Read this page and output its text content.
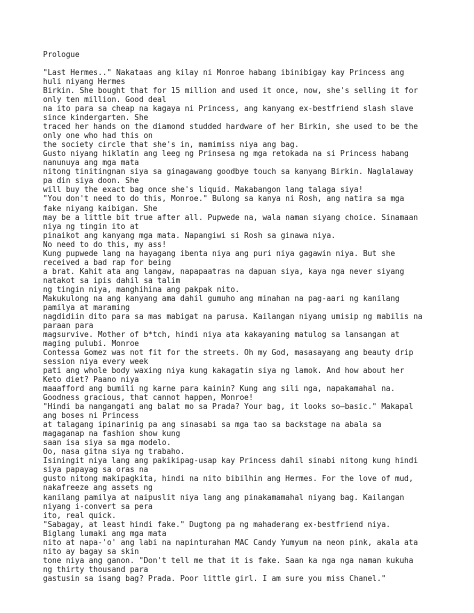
Prologue
"Last Hermes.." Nakataas ang kilay ni Monroe habang ibinibigay kay Princess ang
huli niyang Hermes
Birkin. She bought that for 15 million and used it once, now, she's selling it for
only ten million. Good deal
na ito para sa cheap na kagaya ni Princess, ang kanyang ex-bestfriend slash slave
since kindergarten. She
traced her hands on the diamond studded hardware of her Birkin, she used to be the
only one who had this on
the society circle that she's in, mamimiss niya ang bag.
Gusto niyang hiklatin ang leeg ng Prinsesa ng mga retokada na si Princess habang
nanunuya ang mga mata
nitong tinitingnan siya sa ginagawang goodbye touch sa kanyang Birkin. Naglalaway
pa din siya doon. She
will buy the exact bag once she's liquid. Makabangon lang talaga siya!
"You don't need to do this, Monroe." Bulong sa kanya ni Rosh, ang natira sa mga
fake niyang kaibigan. She
may be a little bit true after all. Pupwede na, wala naman siyang choice. Sinamaan
niya ng tingin ito at
pinaikot ang kanyang mga mata. Napangiwi si Rosh sa ginawa niya.
No need to do this, my ass!
Kung pupwede lang na hayagang ibenta niya ang puri niya gagawin niya. But she
received a bad rap for being
a brat. Kahit ata ang langaw, napapaatras na dapuan siya, kaya nga never siyang
natakot sa ipis dahil sa talim
ng tingin niya, manghihina ang pakpak nito.
Makukulong na ang kanyang ama dahil gumuho ang minahan na pag-aari ng kanilang
pamilya at maraming
nagdidiin dito para sa mas mabigat na parusa. Kailangan niyang umisip ng mabilis na
paraan para
magsurvive. Mother of b*tch, hindi niya ata kakayaning matulog sa lansangan at
maging pulubi. Monroe
Contessa Gomez was not fit for the streets. Oh my God, masasayang ang beauty drip
session niya every week
pati ang whole body waxing niya kung kakagatin siya ng lamok. And how about her
Keto diet? Paano niya
maaafford ang bumili ng karne para kainin? Kung ang sili nga, napakamahal na.
Goodness gracious, that cannot happen, Monroe!
"Hindi ba nangangati ang balat mo sa Prada? Your bag, it looks so–basic." Makapal
ang boses ni Princess
at talagang ipinarinig pa ang sinasabi sa mga tao sa backstage na abala sa
magaganap na fashion show kung
saan isa siya sa mga modelo.
Oo, nasa gitna siya ng trabaho.
Isiningit niya lang ang pakikipag-usap kay Princess dahil sinabi nitong kung hindi
siya papayag sa oras na
gusto nitong makipagkita, hindi na nito bibilhin ang Hermes. For the love of mud,
nakafreeze ang assets ng
kanilang pamilya at naipuslit niya lang ang pinakamamahal niyang bag. Kailangan
niyang i-convert sa pera
ito, real quick.
"Sabagay, at least hindi fake." Dugtong pa ng mahaderang ex-bestfriend niya.
Biglang lumaki ang mga mata
nito at napa-'o' ang labi na napinturahan MAC Candy Yumyum na neon pink, akala ata
nito ay bagay sa skin
tone niya ang ganon. "Don't tell me that it is fake. Saan ka nga nga naman kukuha
ng thirty thousand para
gastusin sa isang bag? Prada. Poor little girl. I am sure you miss Chanel."
